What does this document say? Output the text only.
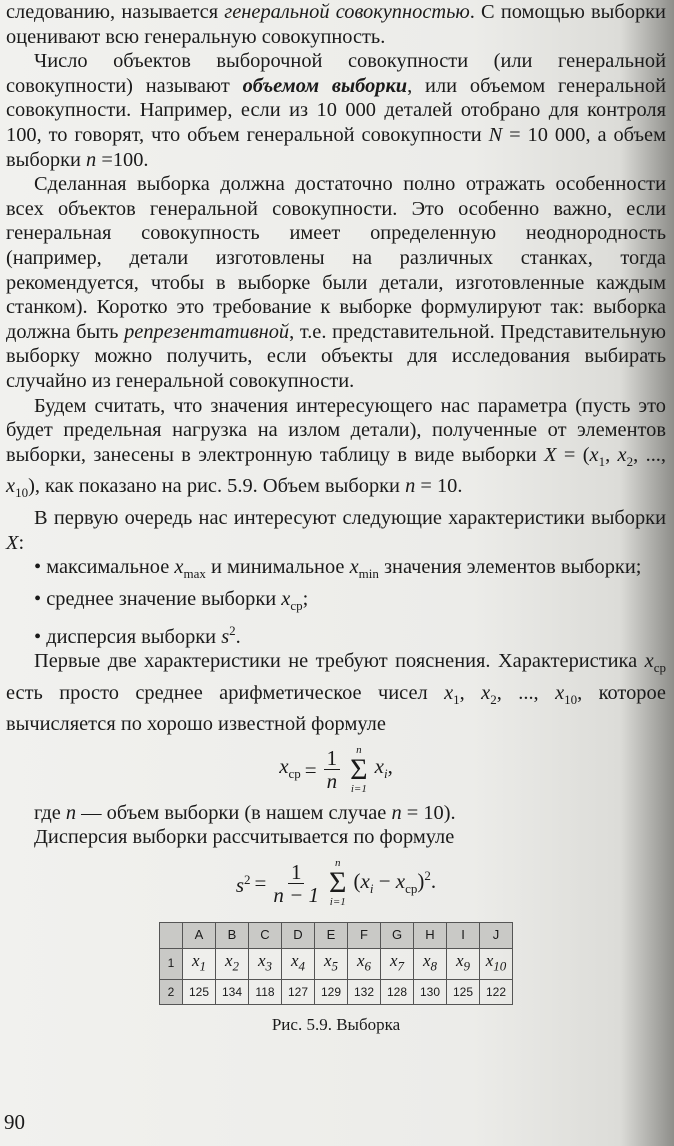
следованию, называется генеральной совокупностью. С помощью выборки оценивают всю генеральную совокупность.

Число объектов выборочной совокупности (или генеральной совокупности) называют объемом выборки, или объемом генеральной совокупности. Например, если из 10 000 деталей отобрано для контроля 100, то говорят, что объем генеральной совокупности N = 10 000, а объем выборки n =100.

Сделанная выборка должна достаточно полно отражать особенности всех объектов генеральной совокупности. Это особенно важно, если генеральная совокупность имеет определенную неоднородность (например, детали изготовлены на различных станках, тогда рекомендуется, чтобы в выборке были детали, изготовленные каждым станком). Коротко это требование к выборке формулируют так: выборка должна быть репрезентативной, т.е. представительной. Представительную выборку можно получить, если объекты для исследования выбирать случайно из генеральной совокупности.

Будем считать, что значения интересующего нас параметра (пусть это будет предельная нагрузка на излом детали), полученные от элементов выборки, занесены в электронную таблицу в виде выборки $X = (x_1$, $x_2$, ..., $x_{10}$), как показано на рис. 5.9. Объем выборки n = 10.

В первую очередь нас интересуют следующие характеристики выборки X:

• максимальное $x_{max}$ и минимальное $x_{min}$ значения элементов выборки;

• среднее значение выборки $x_{ср}$;

• дисперсия выборки $s^2$.

Первые две характеристики не требуют пояснения. Характеристика $x_{ср}$ есть просто среднее арифметическое чисел $x_1$, $x_2$, ..., $x_{10}$, которое вычисляется по хорошо известной формуле

$x_{ср} = \frac{1}{n}$ n
Σ
i=1
$x_i$,

где n — объем выборки (в нашем случае n = 10).

Дисперсия выборки рассчитывается по формуле

$s^2 = \frac{1}{n - 1}$ n
Σ
i=1
$(x_i - x_{ср})^2$.
	A	B	C	D	E	F	G	H	I	J
1	$x_1$	$x_2$	$x_3$	$x_4$	$x_5$	$x_6$	$x_7$	$x_8$	$x_9$	$x_{10}$
2	125	134	118	127	129	132	128	130	125	122
Рис. 5.9. Выборка
90
